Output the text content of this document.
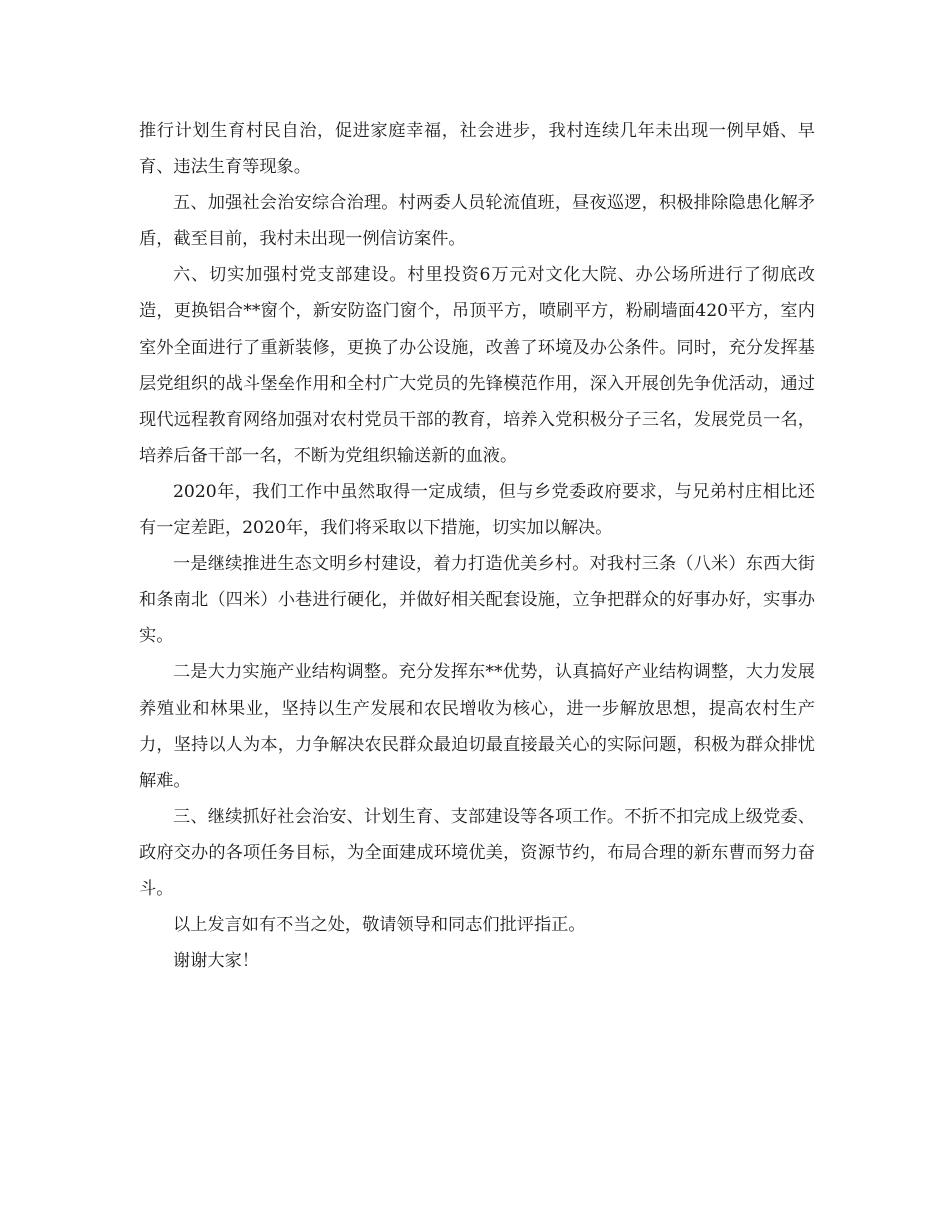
推行计划生育村民自治，促进家庭幸福，社会进步，我村连续几年未出现一例早婚、早育、违法生育等现象。

五、加强社会治安综合治理。村两委人员轮流值班，昼夜巡逻，积极排除隐患化解矛盾，截至目前，我村未出现一例信访案件。

六、切实加强村党支部建设。村里投资6万元对文化大院、办公场所进行了彻底改造，更换铝合**窗个，新安防盗门窗个，吊顶平方，喷刷平方，粉刷墙面420平方，室内室外全面进行了重新装修，更换了办公设施，改善了环境及办公条件。同时，充分发挥基层党组织的战斗堡垒作用和全村广大党员的先锋模范作用，深入开展创先争优活动，通过现代远程教育网络加强对农村党员干部的教育，培养入党积极分子三名，发展党员一名，培养后备干部一名，不断为党组织输送新的血液。

2020年，我们工作中虽然取得一定成绩，但与乡党委政府要求，与兄弟村庄相比还有一定差距，2020年，我们将采取以下措施，切实加以解决。

一是继续推进生态文明乡村建设，着力打造优美乡村。对我村三条（八米）东西大街和条南北（四米）小巷进行硬化，并做好相关配套设施，立争把群众的好事办好，实事办实。

二是大力实施产业结构调整。充分发挥东**优势，认真搞好产业结构调整，大力发展养殖业和林果业，坚持以生产发展和农民增收为核心，进一步解放思想，提高农村生产力，坚持以人为本，力争解决农民群众最迫切最直接最关心的实际问题，积极为群众排忧解难。

三、继续抓好社会治安、计划生育、支部建设等各项工作。不折不扣完成上级党委、政府交办的各项任务目标，为全面建成环境优美，资源节约，布局合理的新东曹而努力奋斗。

以上发言如有不当之处，敬请领导和同志们批评指正。

谢谢大家！
